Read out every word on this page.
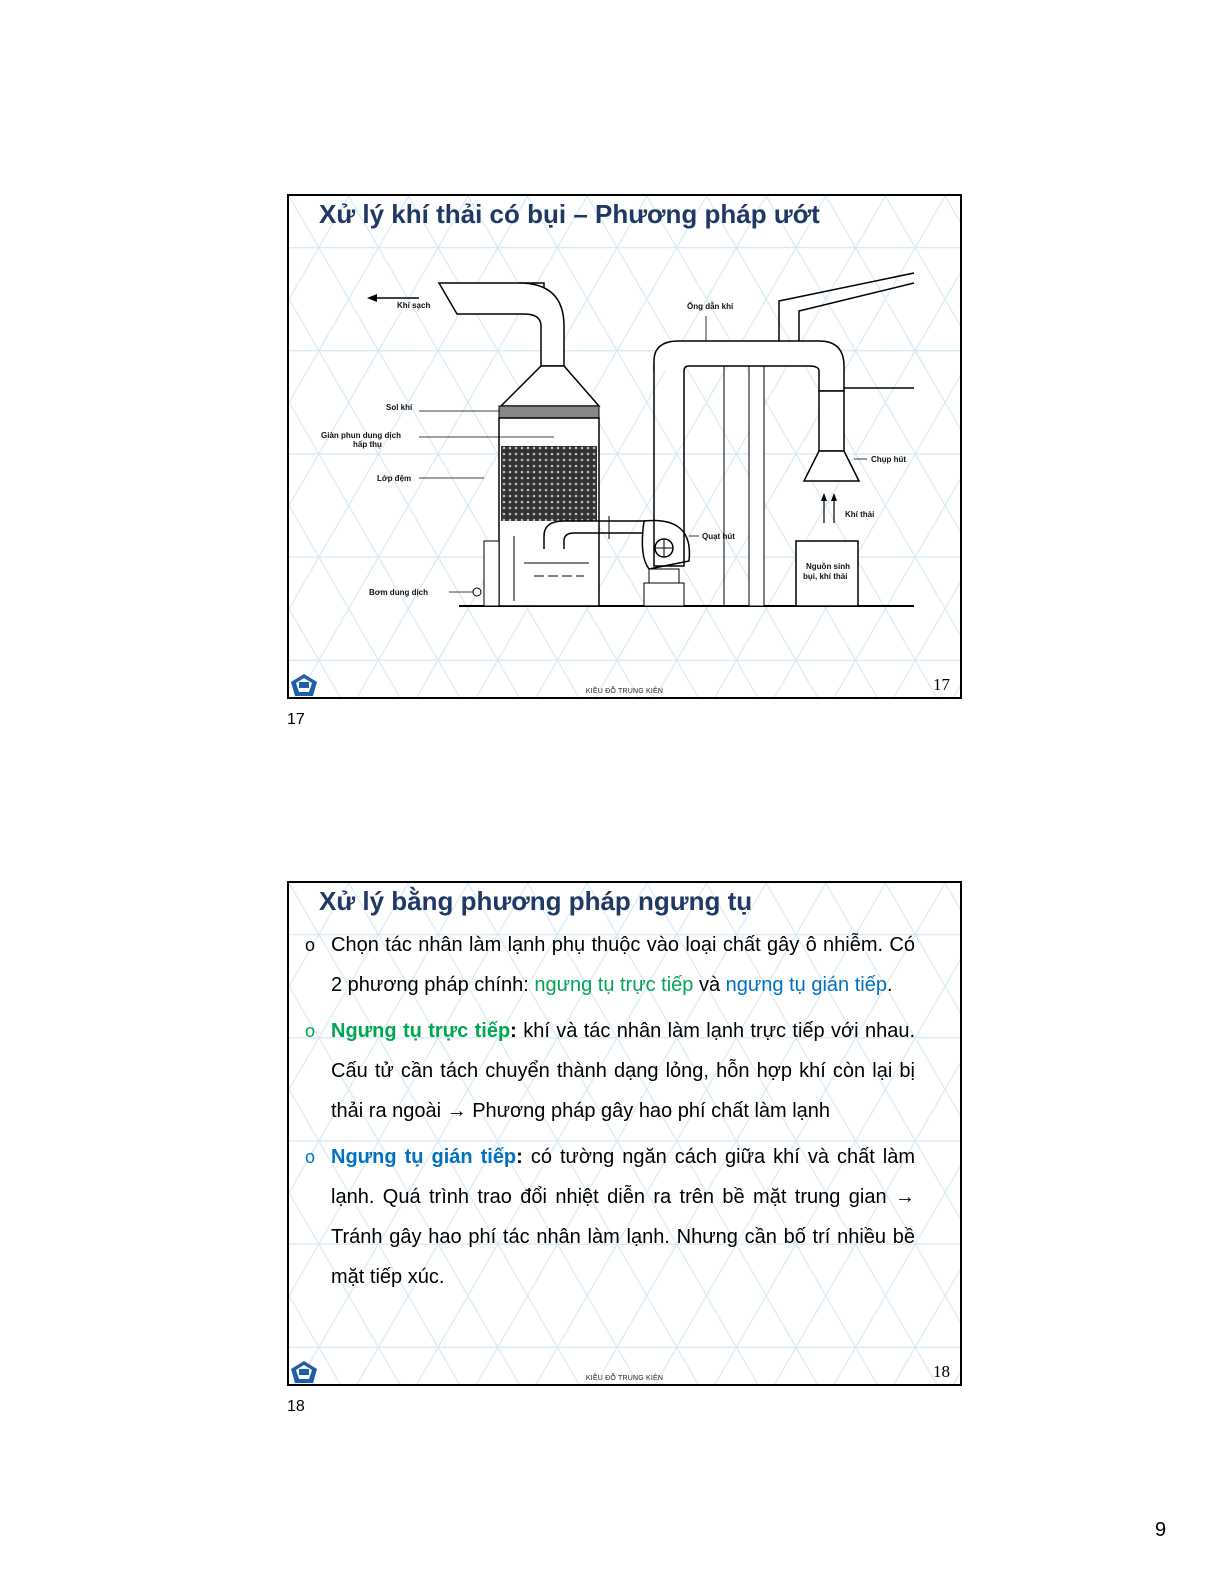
Xử lý khí thải có bụi – Phương pháp ướt
Khí sạch
Sol khí
Giàn phun dung dịch
hấp thụ
Lớp đệm
Bơm dung dịch
Quạt hút
Ống dẫn khí
Chụp hút
Khí thải
Nguồn sinh
bụi, khí thải
KIỀU ĐỖ TRUNG KIÊN	17
17
Xử lý bằng phương pháp ngưng tụ
o Chọn tác nhân làm lạnh phụ thuộc vào loại chất gây ô nhiễm. Có 2 phương pháp chính: ngưng tụ trực tiếp và ngưng tụ gián tiếp.
o Ngưng tụ trực tiếp: khí và tác nhân làm lạnh trực tiếp với nhau. Cấu tử cần tách chuyển thành dạng lỏng, hỗn hợp khí còn lại bị thải ra ngoài → Phương pháp gây hao phí chất làm lạnh
o Ngưng tụ gián tiếp: có tường ngăn cách giữa khí và chất làm lạnh. Quá trình trao đổi nhiệt diễn ra trên bề mặt trung gian → Tránh gây hao phí tác nhân làm lạnh. Nhưng cần bố trí nhiều bề mặt tiếp xúc.
KIỀU ĐỖ TRUNG KIÊN	18
18
9
